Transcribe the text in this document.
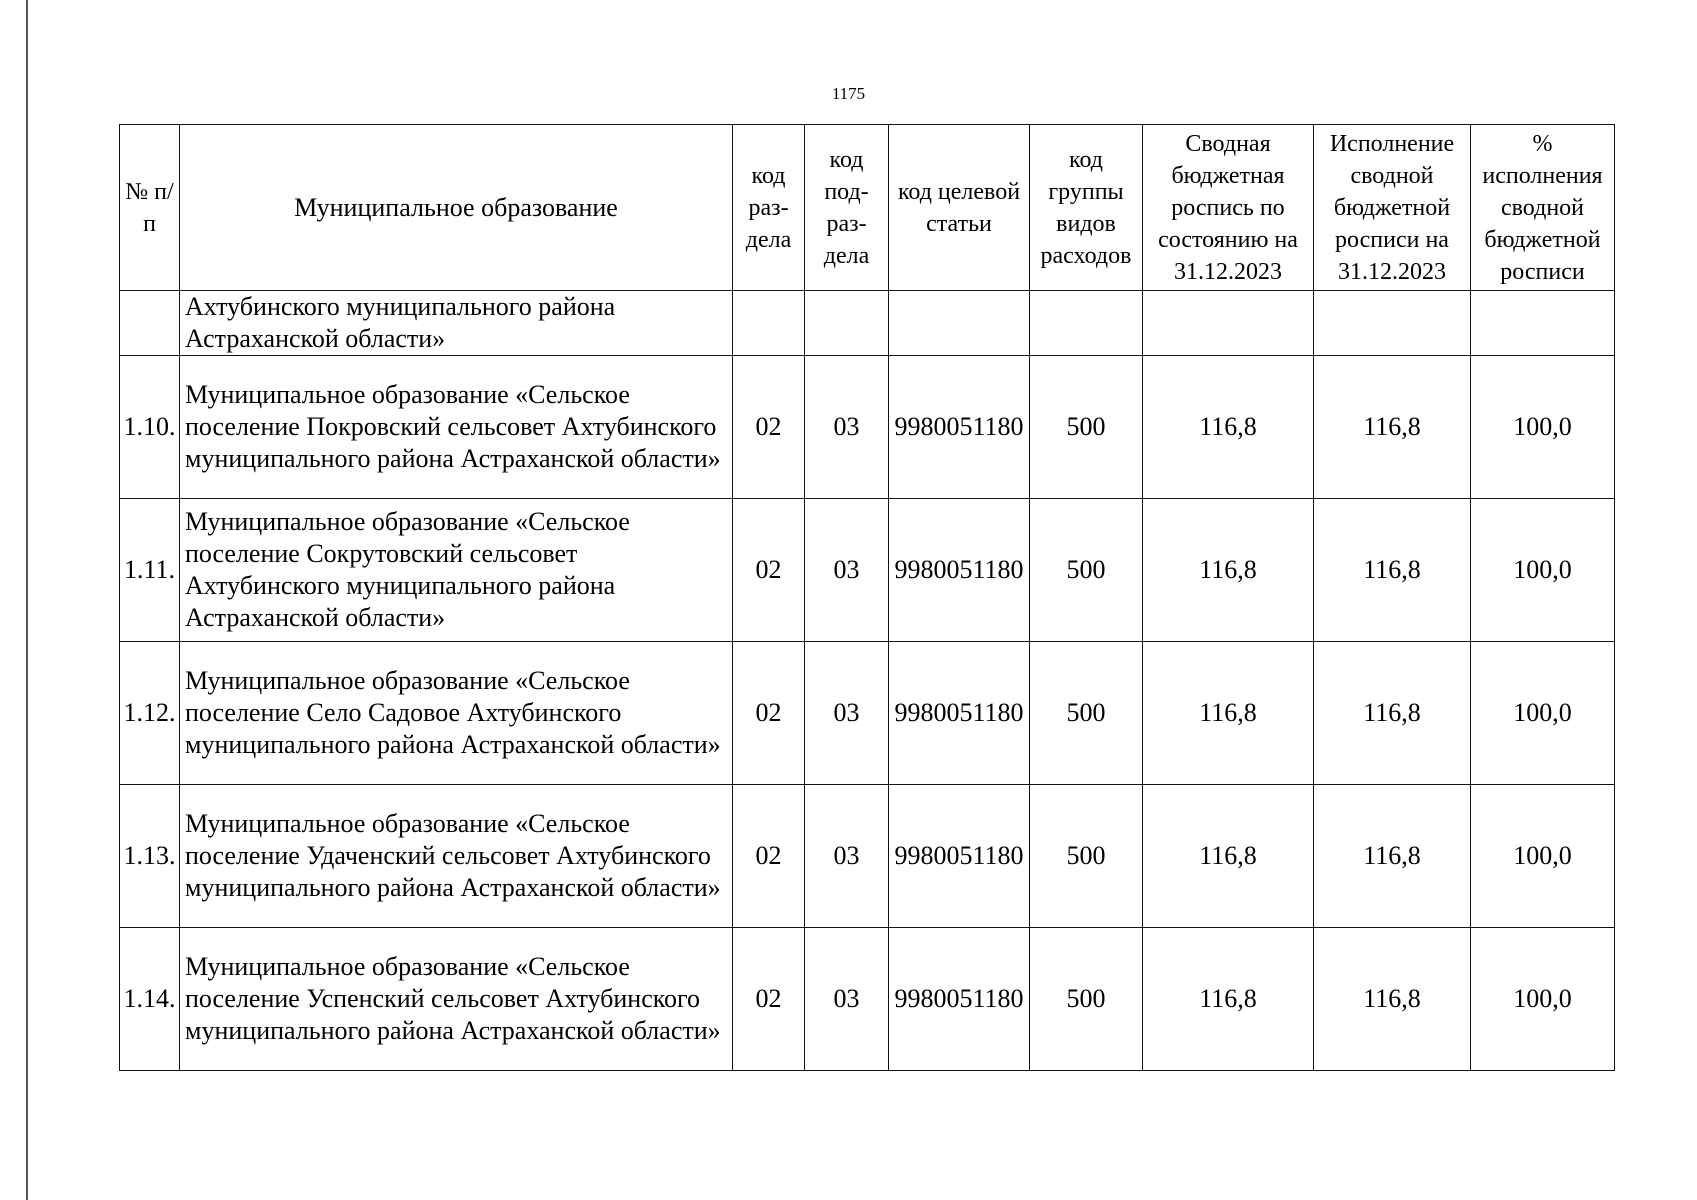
1175
№ п/п	Муниципальное образование	код раз-дела	код под-раз-дела	код целевой статьи	код группы видов расходов	Сводная бюджетная роспись по состоянию на 31.12.2023	Исполнение сводной бюджетной росписи на 31.12.2023	% исполнения сводной бюджетной росписи
	Ахтубинского муниципального района Астраханской области»							
1.10.	Муниципальное образование «Сельское поселение Покровский сельсовет Ахтубинского муниципального района Астраханской области»	02	03	9980051180	500	116,8	116,8	100,0
1.11.	Муниципальное образование «Сельское поселение Сокрутовский сельсовет Ахтубинского муниципального района Астраханской области»	02	03	9980051180	500	116,8	116,8	100,0
1.12.	Муниципальное образование «Сельское поселение Село Садовое Ахтубинского муниципального района Астраханской области»	02	03	9980051180	500	116,8	116,8	100,0
1.13.	Муниципальное образование «Сельское поселение Удаченский сельсовет Ахтубинского муниципального района Астраханской области»	02	03	9980051180	500	116,8	116,8	100,0
1.14.	Муниципальное образование «Сельское поселение Успенский сельсовет Ахтубинского муниципального района Астраханской области»	02	03	9980051180	500	116,8	116,8	100,0
